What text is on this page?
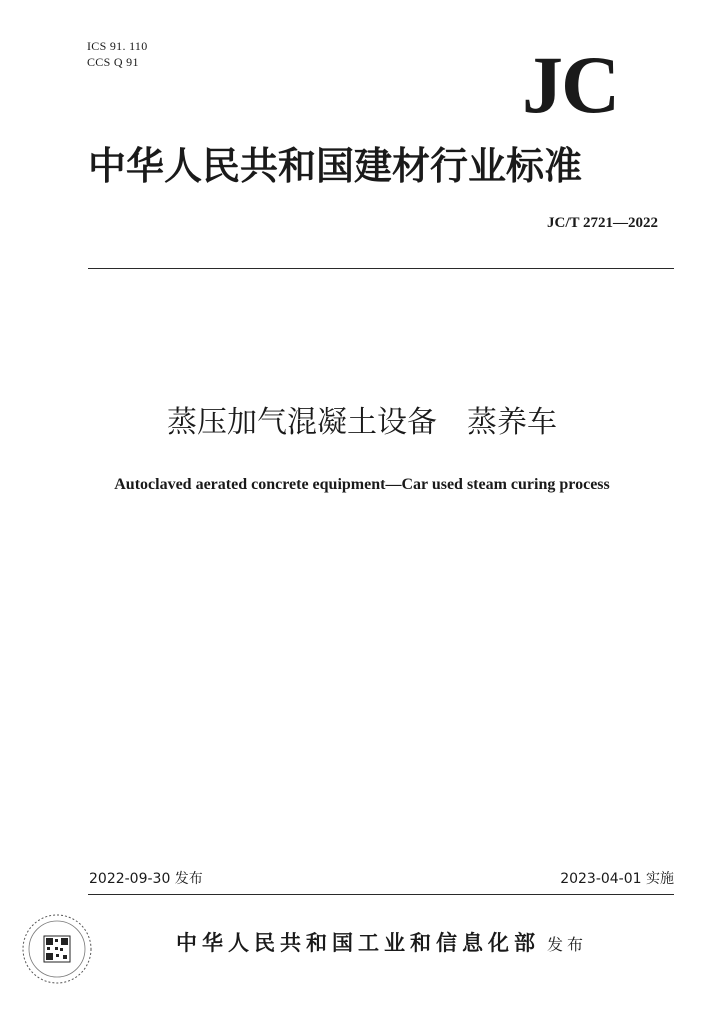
ICS 91. 110
CCS Q 91	JC
中华人民共和国建材行业标准
JC/T 2721—2022
蒸压加气混凝土设备　蒸养车
Autoclaved aerated concrete equipment—Car used steam curing process
2022-09-30 发布	2023-04-01 实施
中华人民共和国工业和信息化部 发布
